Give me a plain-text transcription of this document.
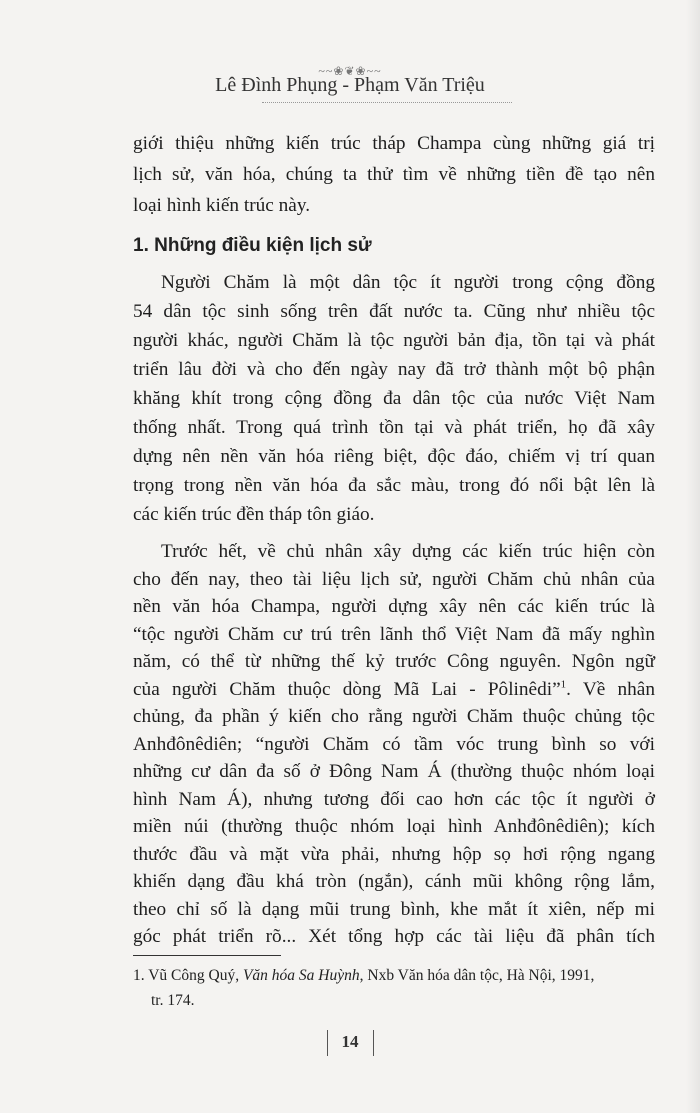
~~❀❦❀~~
Lê Đình Phụng - Phạm Văn Triệu
giới thiệu những kiến trúc tháp Champa cùng những giá trị
lịch sử, văn hóa, chúng ta thử tìm về những tiền đề tạo nên
loại hình kiến trúc này.
1. Những điều kiện lịch sử
Người Chăm là một dân tộc ít người trong cộng đồng
54 dân tộc sinh sống trên đất nước ta. Cũng như nhiều tộc
người khác, người Chăm là tộc người bản địa, tồn tại và phát
triển lâu đời và cho đến ngày nay đã trở thành một bộ phận
khăng khít trong cộng đồng đa dân tộc của nước Việt Nam
thống nhất. Trong quá trình tồn tại và phát triển, họ đã xây
dựng nên nền văn hóa riêng biệt, độc đáo, chiếm vị trí quan
trọng trong nền văn hóa đa sắc màu, trong đó nổi bật lên là
các kiến trúc đền tháp tôn giáo.
Trước hết, về chủ nhân xây dựng các kiến trúc hiện còn
cho đến nay, theo tài liệu lịch sử, người Chăm chủ nhân của
nền văn hóa Champa, người dựng xây nên các kiến trúc là
“tộc người Chăm cư trú trên lãnh thổ Việt Nam đã mấy nghìn
năm, có thể từ những thế kỷ trước Công nguyên. Ngôn ngữ
của người Chăm thuộc dòng Mã Lai - Pôlinêdi”$^1$. Về nhân
chủng, đa phần ý kiến cho rằng người Chăm thuộc chủng tộc
Anhđônêdiên; “người Chăm có tầm vóc trung bình so với
những cư dân đa số ở Đông Nam Á (thường thuộc nhóm loại
hình Nam Á), nhưng tương đối cao hơn các tộc ít người ở
miền núi (thường thuộc nhóm loại hình Anhđônêdiên); kích
thước đầu và mặt vừa phải, nhưng hộp sọ hơi rộng ngang
khiến dạng đầu khá tròn (ngắn), cánh mũi không rộng lắm,
theo chỉ số là dạng mũi trung bình, khe mắt ít xiên, nếp mi
góc phát triển rõ... Xét tổng hợp các tài liệu đã phân tích
1. Vũ Công Quý, Văn hóa Sa Huỳnh, Nxb Văn hóa dân tộc, Hà Nội, 1991,
tr. 174.
14
